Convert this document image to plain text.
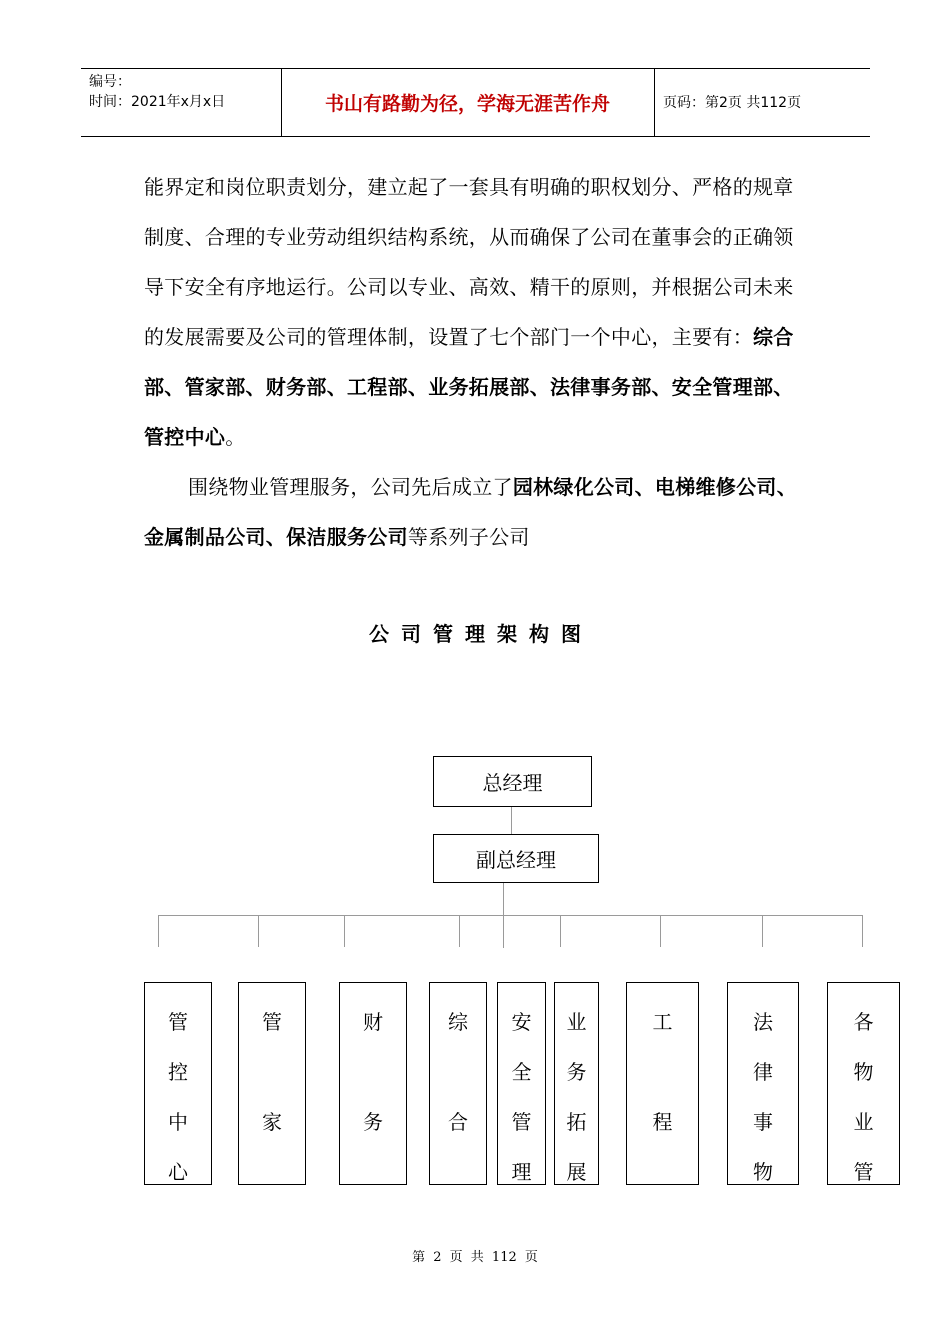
编号：
时间：2021年x月x日	书山有路勤为径，学海无涯苦作舟	页码：第2页 共112页

能界定和岗位职责划分，建立起了一套具有明确的职权划分、严格的规章制度、合理的专业劳动组织结构系统，从而确保了公司在董事会的正确领导下安全有序地运行。公司以专业、高效、精干的原则，并根据公司未来的发展需要及公司的管理体制，设置了七个部门一个中心，主要有：综合部、管家部、财务部、工程部、业务拓展部、法律事务部、安全管理部、管控中心。

围绕物业管理服务，公司先后成立了园林绿化公司、电梯维修公司、金属制品公司、保洁服务公司等系列子公司

公司管理架构图
总经理
副总经理
管
控
中
心
管
家
财
务
综
合
安
全
管
理
业
务
拓
展
工
程
法
律
事
物
各
物
业
管
第 2 页 共 112 页
